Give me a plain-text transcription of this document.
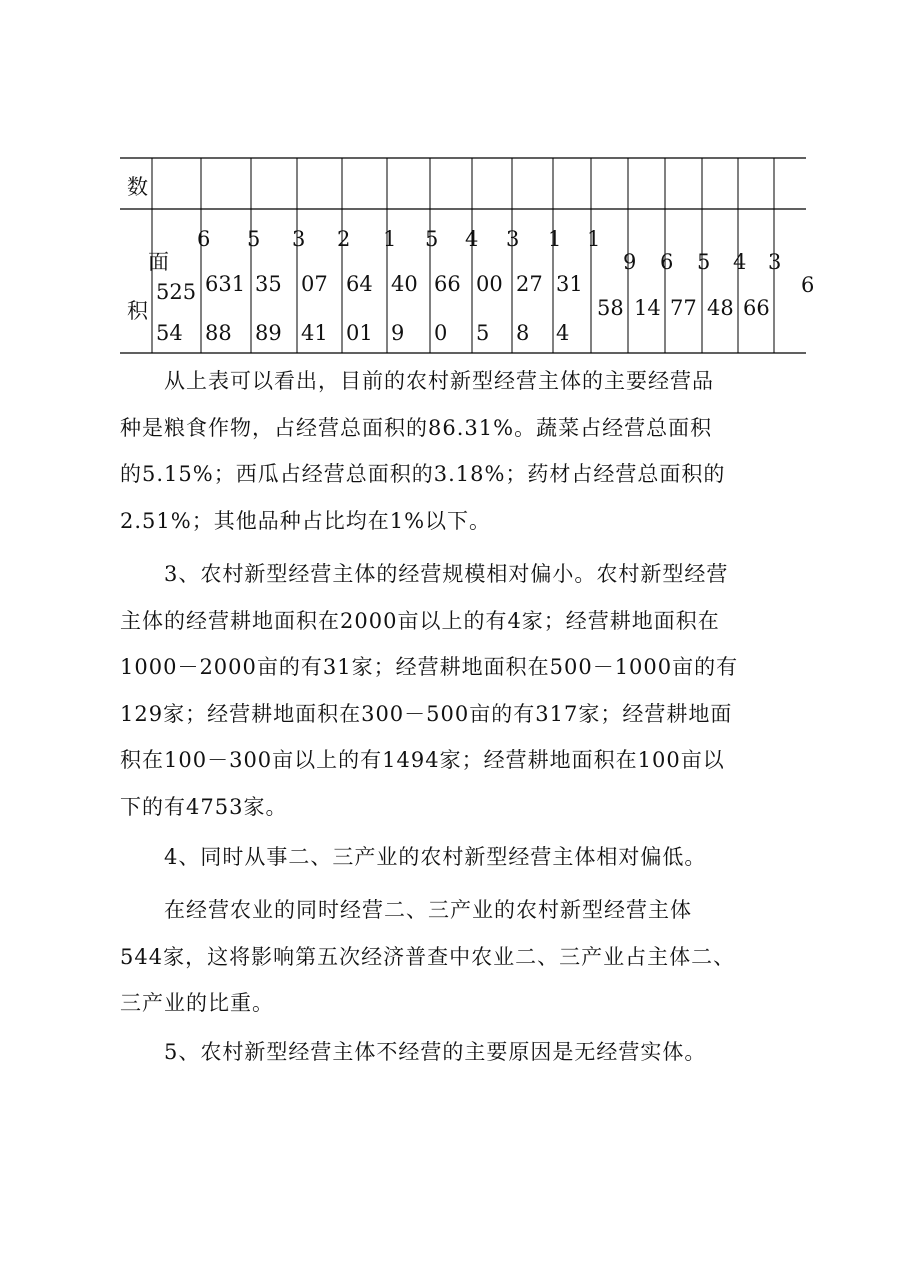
数
面
积
525
54
6
631
88
5
35
89
3
07
41
2
64
01
1
40
9
5
66
0
4
00
5
3
27
8
1
31
4
1
58
9
14
6
77
5
48
4
66
3
6

从上表可以看出，目前的农村新型经营主体的主要经营品
种是粮食作物，占经营总面积的86.31%。蔬菜占经营总面积
的5.15%；西瓜占经营总面积的3.18%；药材占经营总面积的
2.51%；其他品种占比均在1%以下。

3、农村新型经营主体的经营规模相对偏小。农村新型经营
主体的经营耕地面积在2000亩以上的有4家；经营耕地面积在
1000－2000亩的有31家；经营耕地面积在500－1000亩的有
129家；经营耕地面积在300－500亩的有317家；经营耕地面
积在100－300亩以上的有1494家；经营耕地面积在100亩以
下的有4753家。

4、同时从事二、三产业的农村新型经营主体相对偏低。

在经营农业的同时经营二、三产业的农村新型经营主体
544家，这将影响第五次经济普查中农业二、三产业占主体二、
三产业的比重。

5、农村新型经营主体不经营的主要原因是无经营实体。
